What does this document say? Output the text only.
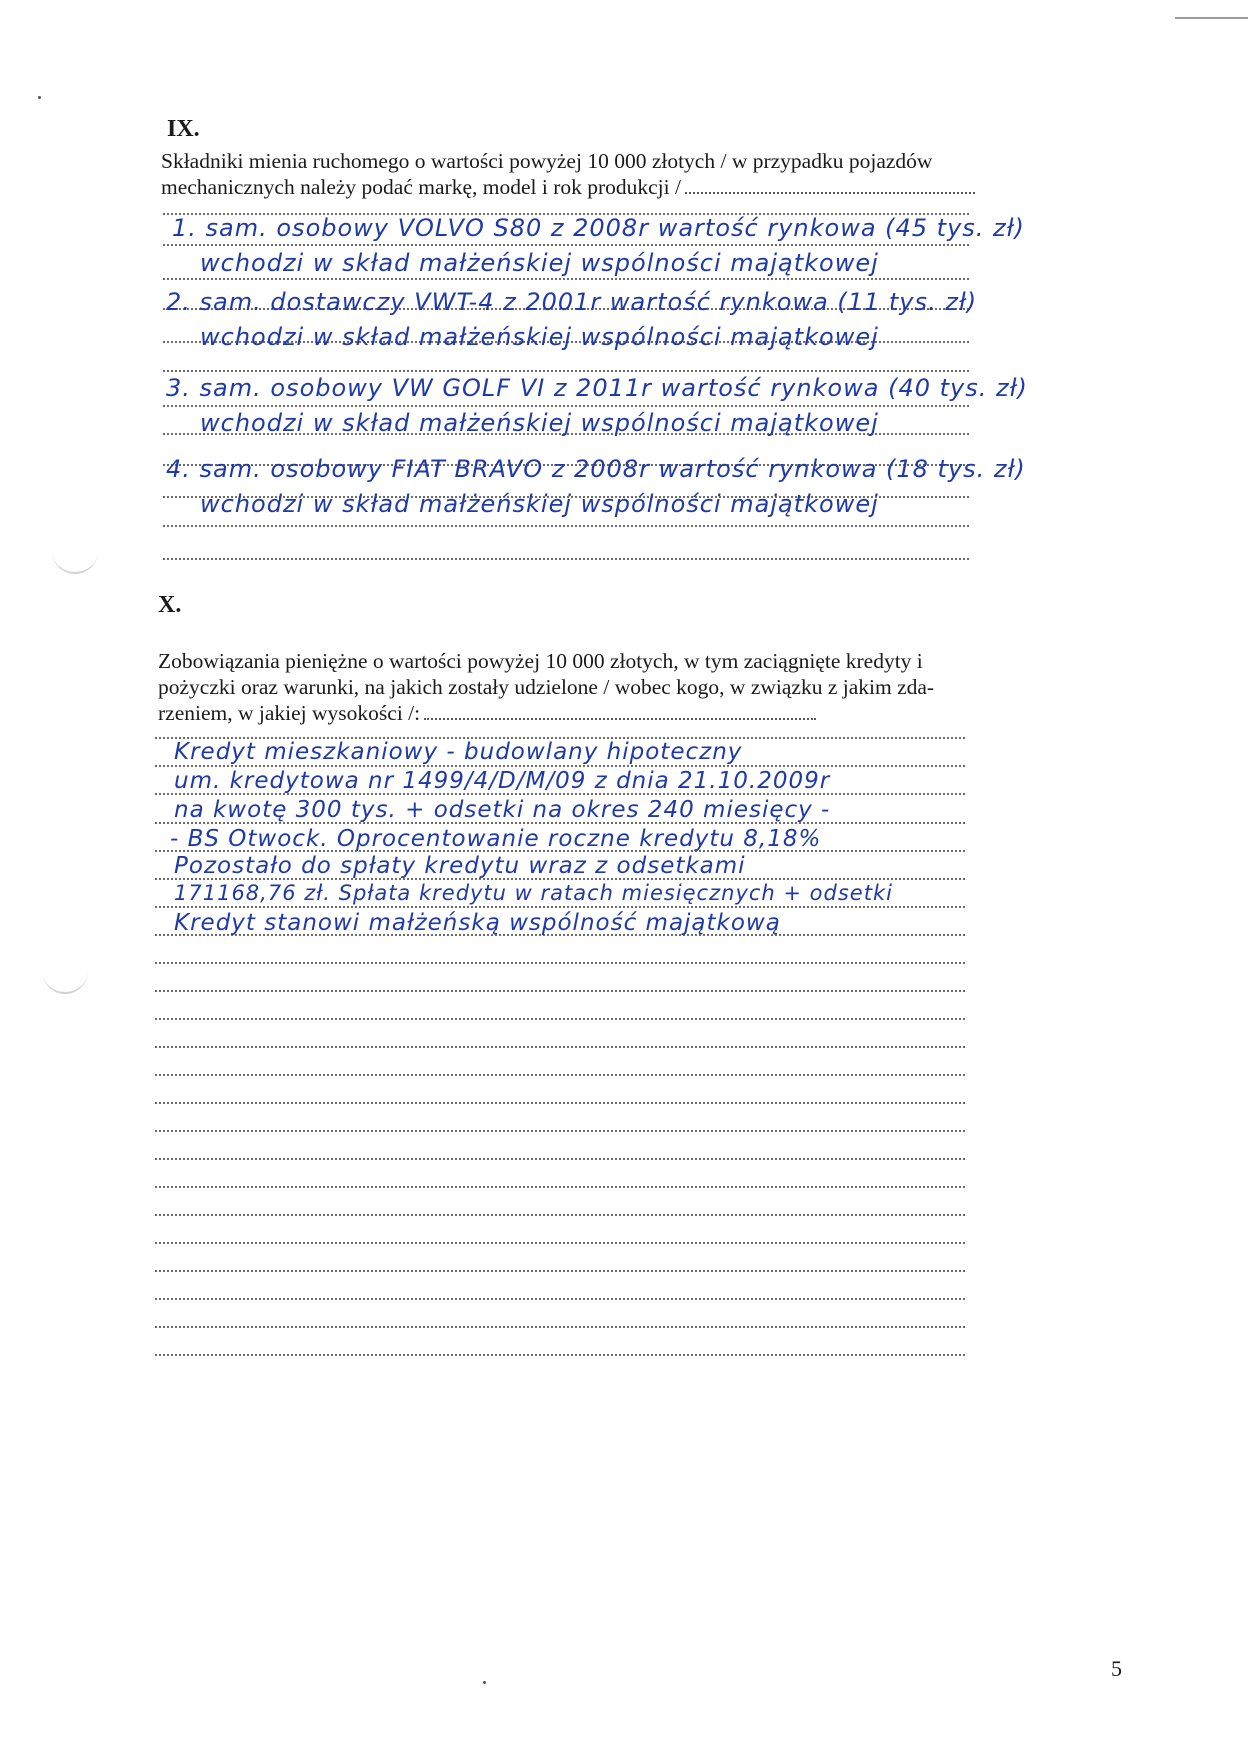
IX.
Składniki mienia ruchomego o wartości powyżej 10 000 złotych / w przypadku pojazdów
mechanicznych należy podać markę, model i rok produkcji /
1. sam. osobowy VOLVO S80 z 2008r wartość rynkowa (45 tys. zł)
wchodzi w skład małżeńskiej wspólności majątkowej
2. sam. dostawczy VWT-4 z 2001r wartość rynkowa (11 tys. zł)
wchodzi w skład małżeńskiej wspólności majątkowej
3. sam. osobowy VW GOLF VI z 2011r wartość rynkowa (40 tys. zł)
wchodzi w skład małżeńskiej wspólności majątkowej
4. sam. osobowy FIAT BRAVO z 2008r wartość rynkowa (18 tys. zł)
wchodzi w skład małżeńskiej wspólności majątkowej
X.
Zobowiązania pieniężne o wartości powyżej 10 000 złotych, w tym zaciągnięte kredyty i
pożyczki oraz warunki, na jakich zostały udzielone / wobec kogo, w związku z jakim zda-
rzeniem, w jakiej wysokości /:
Kredyt mieszkaniowy - budowlany hipoteczny
um. kredytowa nr 1499/4/D/M/09 z dnia 21.10.2009r
na kwotę 300 tys. + odsetki na okres 240 miesięcy -
- BS Otwock. Oprocentowanie roczne kredytu 8,18%
Pozostało do spłaty kredytu wraz z odsetkami
171168,76 zł. Spłata kredytu w ratach miesięcznych + odsetki
Kredyt stanowi małżeńską wspólność majątkową
5
